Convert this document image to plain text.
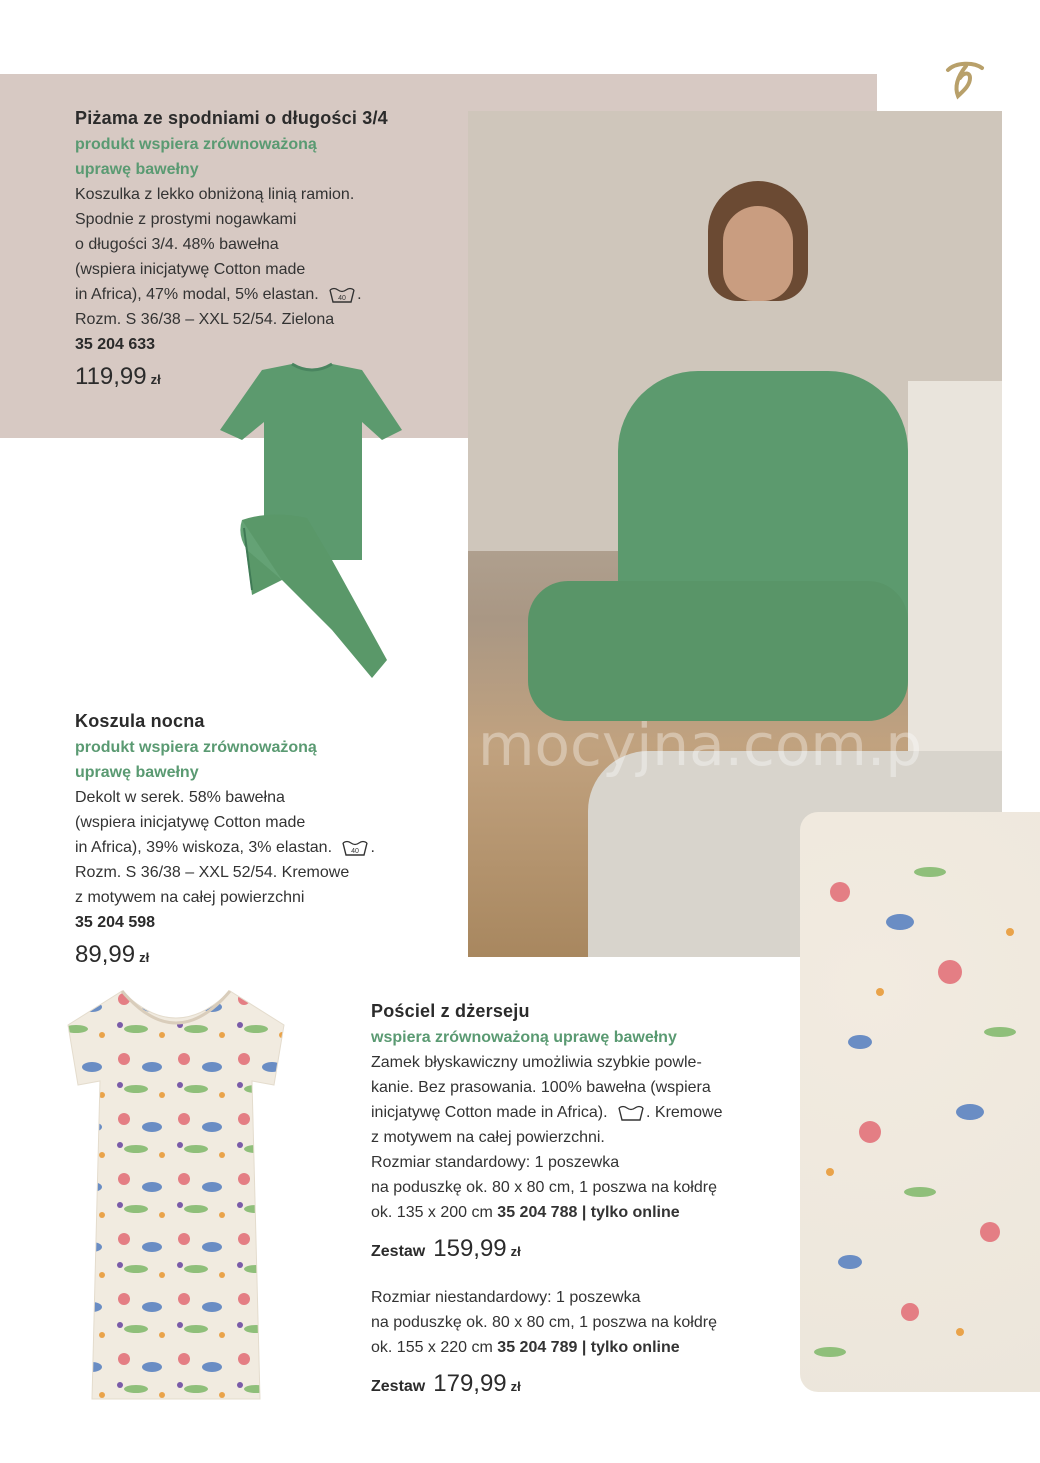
Piżama ze spodniami o długości 3/4
produkt wspiera zrównoważoną
uprawę bawełny
Koszulka z lekko obniżoną linią ramion.
Spodnie z prostymi nogawkami
o długości 3/4. 48% bawełna
(wspiera inicjatywę Cotton made
in Africa), 47% modal, 5% elastan.	40 .
Rozm. S 36/38 – XXL 52/54. Zielona
35 204 633
119,99 zł
mocyjna.com.p
Koszula nocna
produkt wspiera zrównoważoną
uprawę bawełny
Dekolt w serek. 58% bawełna
(wspiera inicjatywę Cotton made
in Africa), 39% wiskoza, 3% elastan.	40 .
Rozm. S 36/38 – XXL 52/54. Kremowe
z motywem na całej powierzchni
35 204 598
89,99 zł
Pościel z dżerseju
wspiera zrównoważoną uprawę bawełny
Zamek błyskawiczny umożliwia szybkie powle-
kanie. Bez prasowania. 100% bawełna (wspiera
inicjatywę Cotton made in Africa). . Kremowe
z motywem na całej powierzchni.
Rozmiar standardowy: 1 poszewka
na poduszkę ok. 80 x 80 cm, 1 poszwa na kołdrę
ok. 135 x 200 cm 35 204 788 | tylko online
Zestaw 159,99 zł
Rozmiar niestandardowy: 1 poszewka
na poduszkę ok. 80 x 80 cm, 1 poszwa na kołdrę
ok. 155 x 220 cm 35 204 789 | tylko online
Zestaw 179,99 zł
